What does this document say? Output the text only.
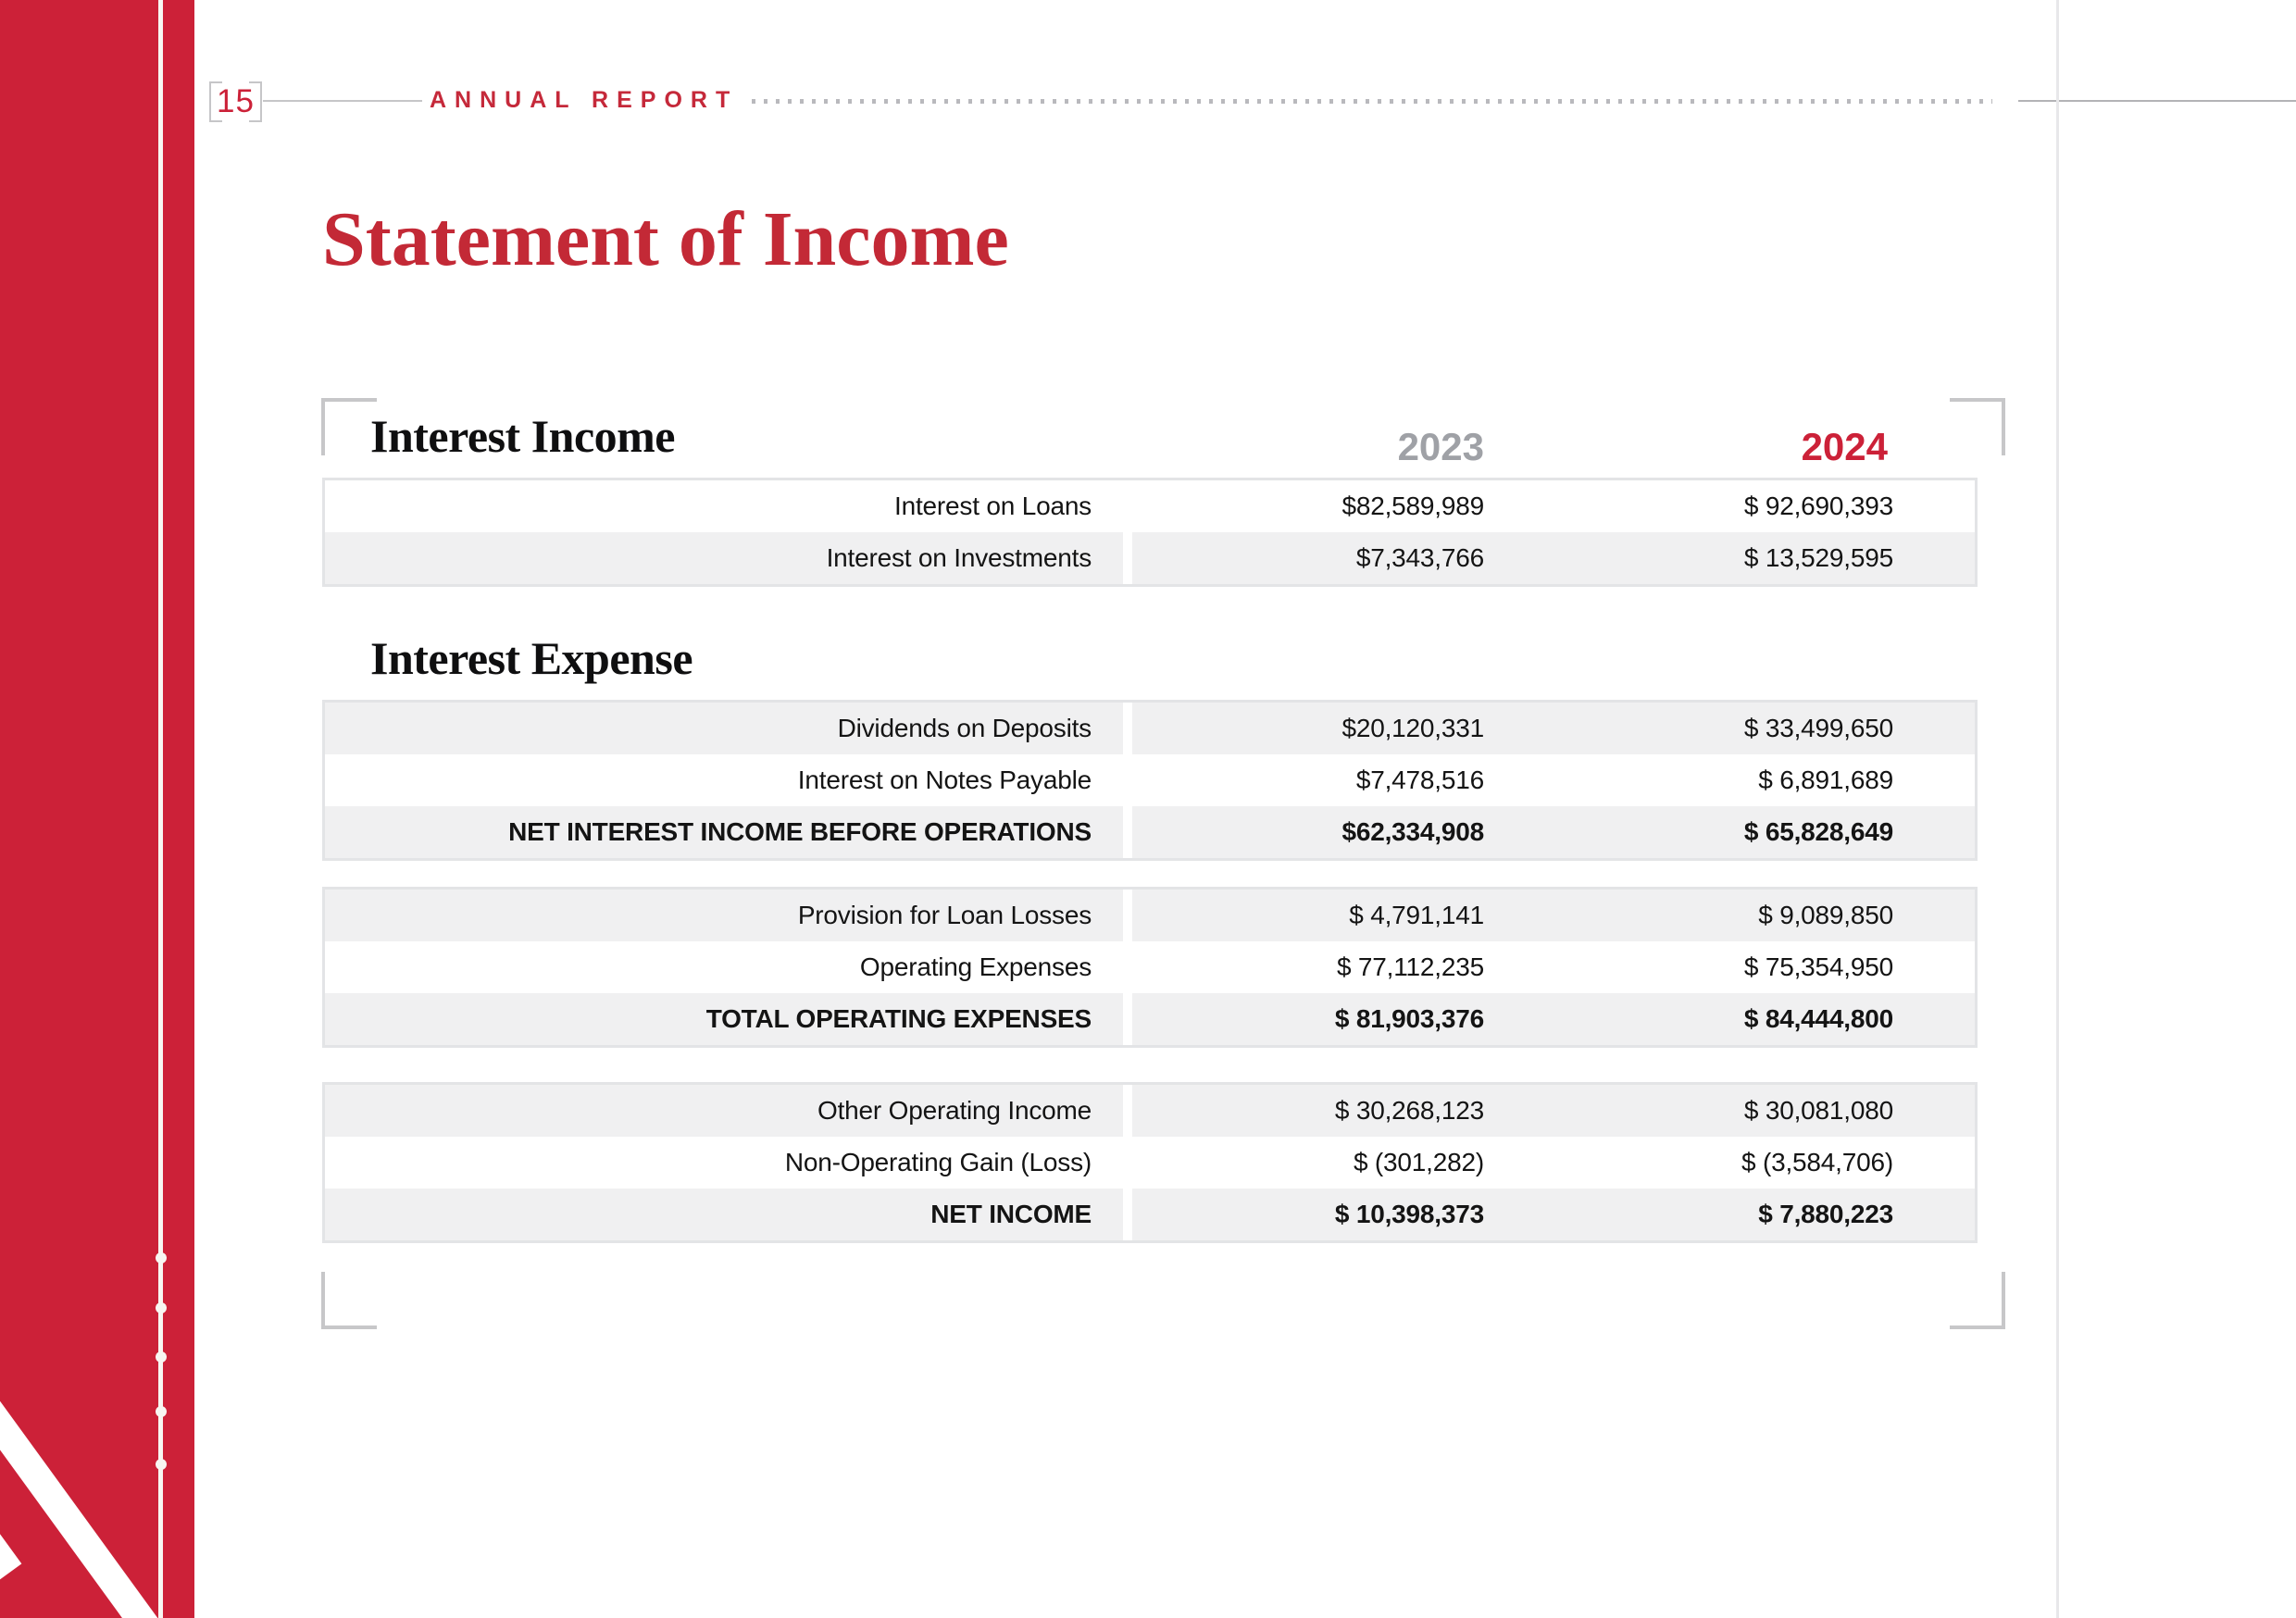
15	ANNUAL REPORT
Statement of Income
Interest Income
Interest Expense
2023	2024
Interest on Loans	$82,589,989	$ 92,690,393
Interest on Investments	$7,343,766	$ 13,529,595
Dividends on Deposits	$20,120,331	$ 33,499,650
Interest on Notes Payable	$7,478,516	$ 6,891,689
NET INTEREST INCOME BEFORE OPERATIONS	$62,334,908	$ 65,828,649
Provision for Loan Losses	$ 4,791,141	$ 9,089,850
Operating Expenses	$ 77,112,235	$ 75,354,950
TOTAL OPERATING EXPENSES	$ 81,903,376	$ 84,444,800
Other Operating Income	$ 30,268,123	$ 30,081,080
Non-Operating Gain (Loss)	$ (301,282)	$ (3,584,706)
NET INCOME	$ 10,398,373	$ 7,880,223
